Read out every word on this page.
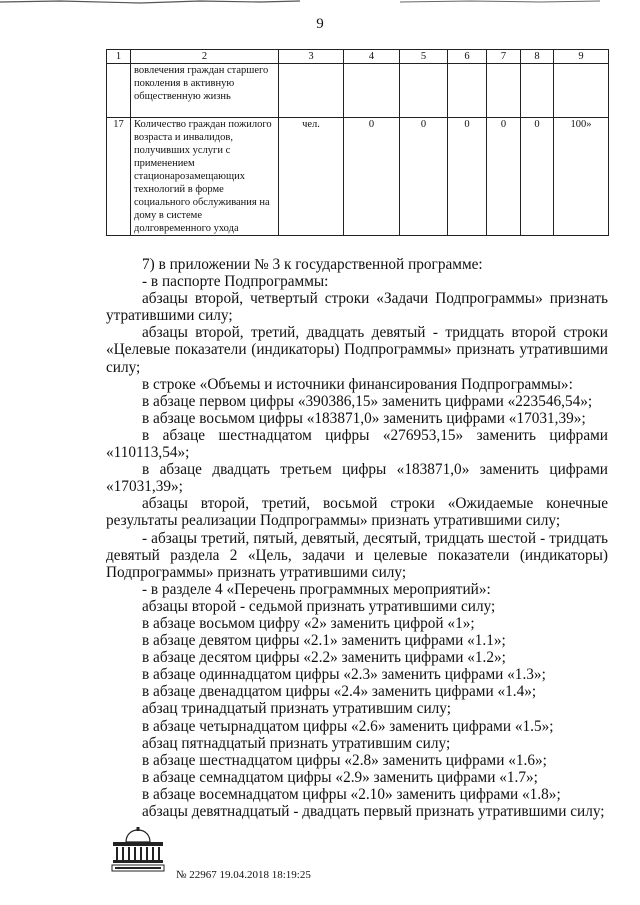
9
1	2	3	4	5	6	7	8	9
	вовлечения граждан старшего поколения в активную общественную жизнь							
17	Количество граждан пожилого возраста и инвалидов, получивших услуги с применением стационарозамещающих технологий в форме социального обслуживания на дому в системе долговременного ухода	чел.	0	0	0	0	0	100»

7) в приложении № 3 к государственной программе:

- в паспорте Подпрограммы:

абзацы второй, четвертый строки «Задачи Подпрограммы» признать утратившими силу;

абзацы второй, третий, двадцать девятый - тридцать второй строки «Целевые показатели (индикаторы) Подпрограммы» признать утратившими силу;

в строке «Объемы и источники финансирования Подпрограммы»:

в абзаце первом цифры «390386,15» заменить цифрами «223546,54»;

в абзаце восьмом цифры «183871,0» заменить цифрами «17031,39»;

в абзаце шестнадцатом цифры «276953,15» заменить цифрами «110113,54»;

в абзаце двадцать третьем цифры «183871,0» заменить цифрами «17031,39»;

абзацы второй, третий, восьмой строки «Ожидаемые конечные результаты реализации Подпрограммы» признать утратившими силу;

- абзацы третий, пятый, девятый, десятый, тридцать шестой - тридцать девятый раздела 2 «Цель, задачи и целевые показатели (индикаторы) Подпрограммы» признать утратившими силу;

- в разделе 4 «Перечень программных мероприятий»:

абзацы второй - седьмой признать утратившими силу;

в абзаце восьмом цифру «2» заменить цифрой «1»;

в абзаце девятом цифры «2.1» заменить цифрами «1.1»;

в абзаце десятом цифры «2.2» заменить цифрами «1.2»;

в абзаце одиннадцатом цифры «2.3» заменить цифрами «1.3»;

в абзаце двенадцатом цифры «2.4» заменить цифрами «1.4»;

абзац тринадцатый признать утратившим силу;

в абзаце четырнадцатом цифры «2.6» заменить цифрами «1.5»;

абзац пятнадцатый признать утратившим силу;

в абзаце шестнадцатом цифры «2.8» заменить цифрами «1.6»;

в абзаце семнадцатом цифры «2.9» заменить цифрами «1.7»;

в абзаце восемнадцатом цифры «2.10» заменить цифрами «1.8»;

абзацы девятнадцатый - двадцать первый признать утратившими силу;

№ 22967 19.04.2018 18:19:25
